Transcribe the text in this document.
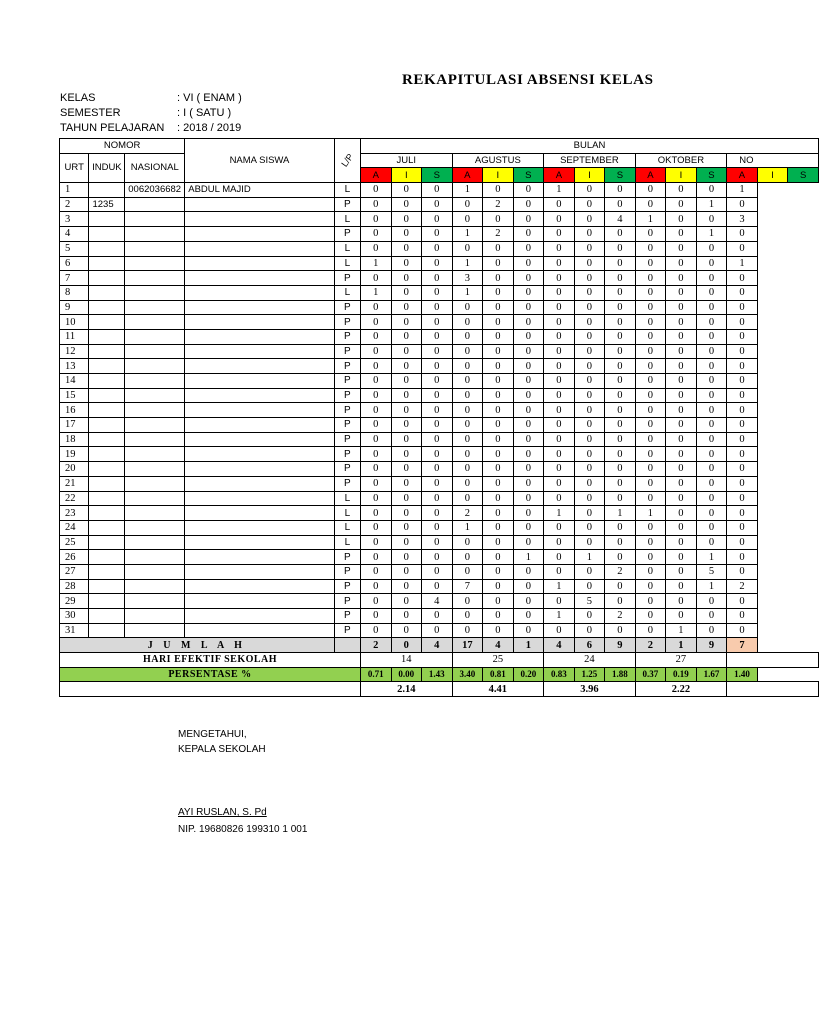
REKAPITULASI ABSENSI KELAS
KELAS	: VI ( ENAM )
SEMESTER	: I ( SATU )
TAHUN PELAJARAN : 2018 / 2019
NOMOR			NAMA SISWA	L/P	BULAN														
URT	INDUK	NASIONAL			JULI			AGUSTUS			SEPTEMBER			OKTOBER			NO		
					A	I	S	A	I	S	A	I	S	A	I	S	A	I	S
1		0062036682	ABDUL MAJID	L	0	0	0	1	0	0	1	0	0	0	0	0	1		
2	1235			P	0	0	0	0	2	0	0	0	0	0	0	1	0		
3				L	0	0	0	0	0	0	0	0	4	1	0	0	3		
4				P	0	0	0	1	2	0	0	0	0	0	0	1	0		
5				L	0	0	0	0	0	0	0	0	0	0	0	0	0		
6				L	1	0	0	1	0	0	0	0	0	0	0	0	1		
7				P	0	0	0	3	0	0	0	0	0	0	0	0	0		
8				L	1	0	0	1	0	0	0	0	0	0	0	0	0		
9				P	0	0	0	0	0	0	0	0	0	0	0	0	0		
10				P	0	0	0	0	0	0	0	0	0	0	0	0	0		
11				P	0	0	0	0	0	0	0	0	0	0	0	0	0		
12				P	0	0	0	0	0	0	0	0	0	0	0	0	0		
13				P	0	0	0	0	0	0	0	0	0	0	0	0	0		
14				P	0	0	0	0	0	0	0	0	0	0	0	0	0		
15				P	0	0	0	0	0	0	0	0	0	0	0	0	0		
16				P	0	0	0	0	0	0	0	0	0	0	0	0	0		
17				P	0	0	0	0	0	0	0	0	0	0	0	0	0		
18				P	0	0	0	0	0	0	0	0	0	0	0	0	0		
19				P	0	0	0	0	0	0	0	0	0	0	0	0	0		
20				P	0	0	0	0	0	0	0	0	0	0	0	0	0		
21				P	0	0	0	0	0	0	0	0	0	0	0	0	0		
22				L	0	0	0	0	0	0	0	0	0	0	0	0	0		
23				L	0	0	0	2	0	0	1	0	1	1	0	0	0		
24				L	0	0	0	1	0	0	0	0	0	0	0	0	0		
25				L	0	0	0	0	0	0	0	0	0	0	0	0	0		
26				P	0	0	0	0	0	1	0	1	0	0	0	1	0		
27				P	0	0	0	0	0	0	0	0	2	0	0	5	0		
28				P	0	0	0	7	0	0	1	0	0	0	0	1	2		
29				P	0	0	4	0	0	0	0	5	0	0	0	0	0		
30				P	0	0	0	0	0	0	1	0	2	0	0	0	0		
31				P	0	0	0	0	0	0	0	0	0	0	1	0	0		
J U M L A H					2	0	4	17	4	1	4	6	9	2	1	9	7		
HARI EFEKTIF SEKOLAH					14			25			24			27					
PERSENTASE %					0.71	0.00	1.43	3.40	0.81	0.20	0.83	1.25	1.88	0.37	0.19	1.67	1.40		
					2.14			4.41			3.96			2.22					
MENGETAHUI,
KEPALA SEKOLAH
AYI RUSLAN, S. Pd
NIP. 19680826 199310 1 001
